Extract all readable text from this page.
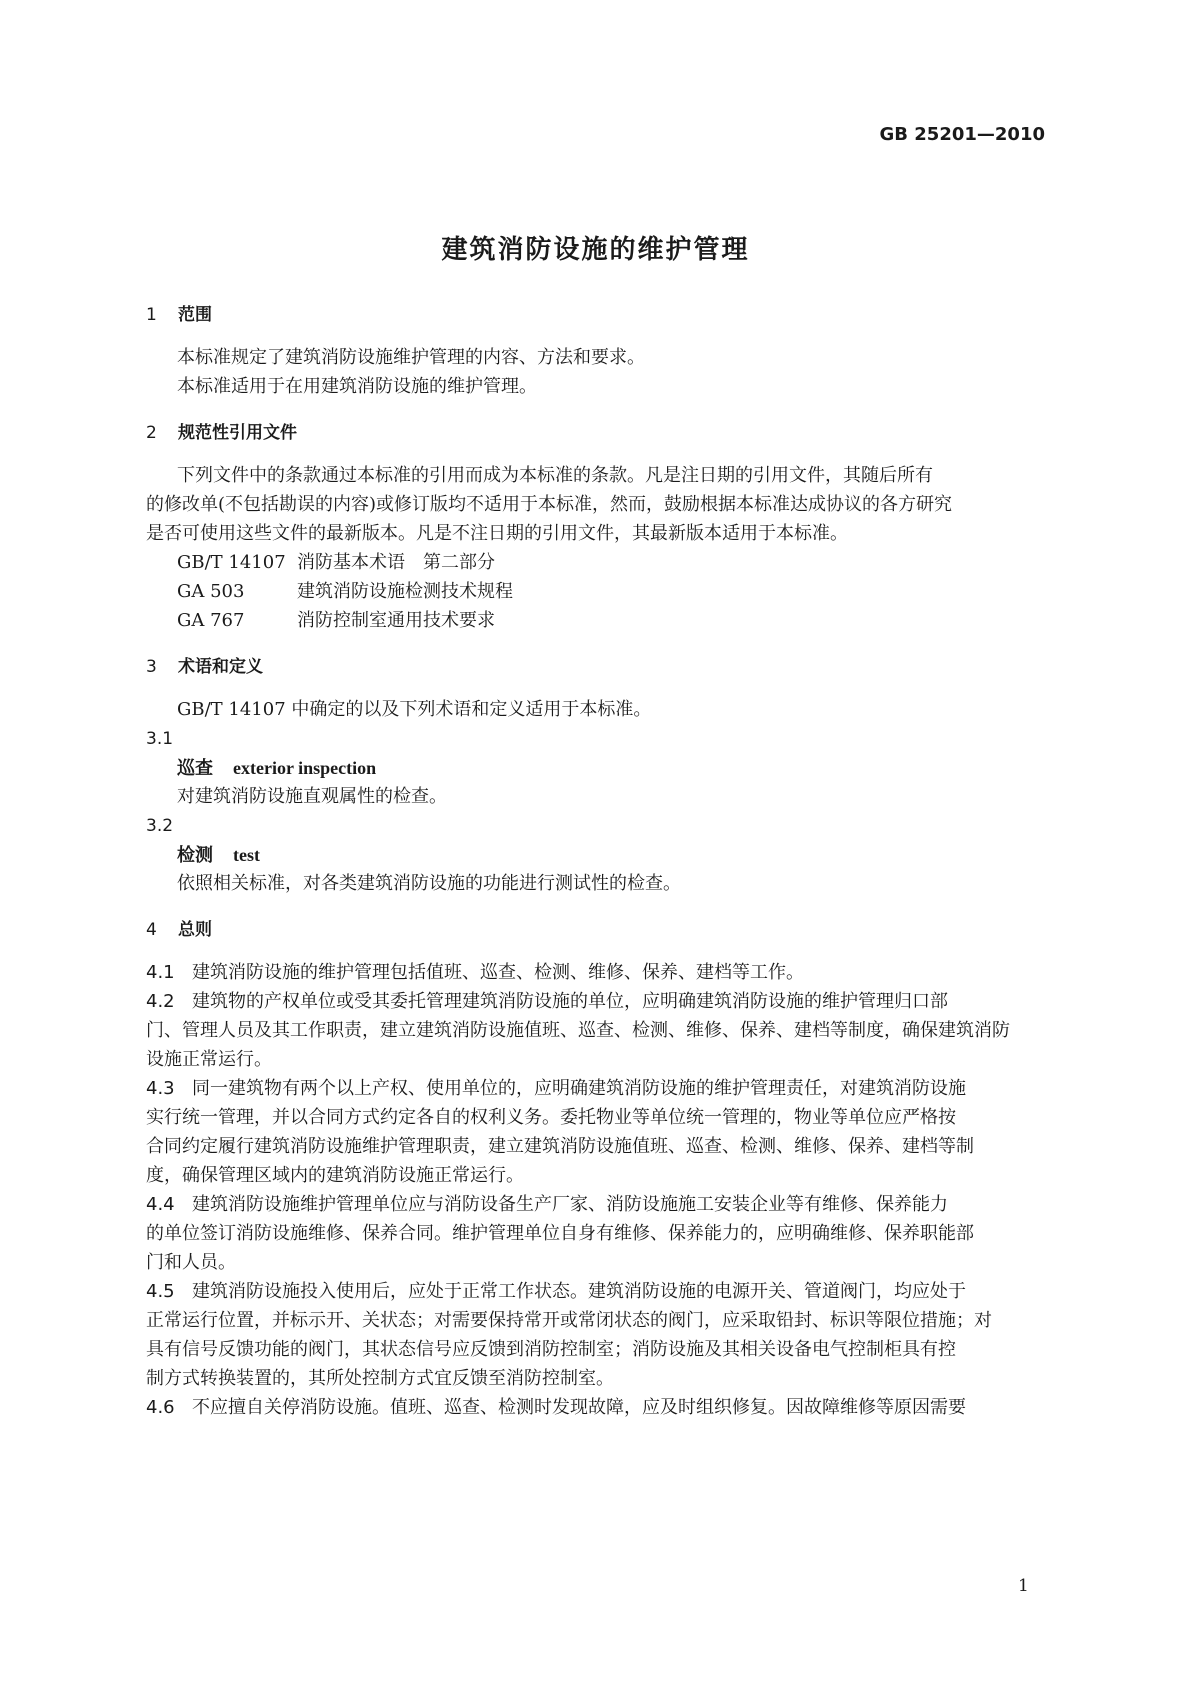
GB 25201—2010
建筑消防设施的维护管理
1 范围
本标准规定了建筑消防设施维护管理的内容、方法和要求。
本标准适用于在用建筑消防设施的维护管理。
2 规范性引用文件
下列文件中的条款通过本标准的引用而成为本标准的条款。凡是注日期的引用文件，其随后所有
的修改单(不包括勘误的内容)或修订版均不适用于本标准，然而，鼓励根据本标准达成协议的各方研究
是否可使用这些文件的最新版本。凡是不注日期的引用文件，其最新版本适用于本标准。
GB/T 14107 消防基本术语　第二部分
GA 503	建筑消防设施检测技术规程
GA 767	消防控制室通用技术要求
3 术语和定义
GB/T 14107 中确定的以及下列术语和定义适用于本标准。
3.1
巡查 exterior inspection
对建筑消防设施直观属性的检查。
3.2
检测 test
依照相关标准，对各类建筑消防设施的功能进行测试性的检查。
4 总则
4.1 建筑消防设施的维护管理包括值班、巡查、检测、维修、保养、建档等工作。
4.2 建筑物的产权单位或受其委托管理建筑消防设施的单位，应明确建筑消防设施的维护管理归口部
门、管理人员及其工作职责，建立建筑消防设施值班、巡查、检测、维修、保养、建档等制度，确保建筑消防
设施正常运行。
4.3 同一建筑物有两个以上产权、使用单位的，应明确建筑消防设施的维护管理责任，对建筑消防设施
实行统一管理，并以合同方式约定各自的权利义务。委托物业等单位统一管理的，物业等单位应严格按
合同约定履行建筑消防设施维护管理职责，建立建筑消防设施值班、巡查、检测、维修、保养、建档等制
度，确保管理区域内的建筑消防设施正常运行。
4.4 建筑消防设施维护管理单位应与消防设备生产厂家、消防设施施工安装企业等有维修、保养能力
的单位签订消防设施维修、保养合同。维护管理单位自身有维修、保养能力的，应明确维修、保养职能部
门和人员。
4.5 建筑消防设施投入使用后，应处于正常工作状态。建筑消防设施的电源开关、管道阀门，均应处于
正常运行位置，并标示开、关状态；对需要保持常开或常闭状态的阀门，应采取铅封、标识等限位措施；对
具有信号反馈功能的阀门，其状态信号应反馈到消防控制室；消防设施及其相关设备电气控制柜具有控
制方式转换装置的，其所处控制方式宜反馈至消防控制室。
4.6 不应擅自关停消防设施。值班、巡查、检测时发现故障，应及时组织修复。因故障维修等原因需要
1
